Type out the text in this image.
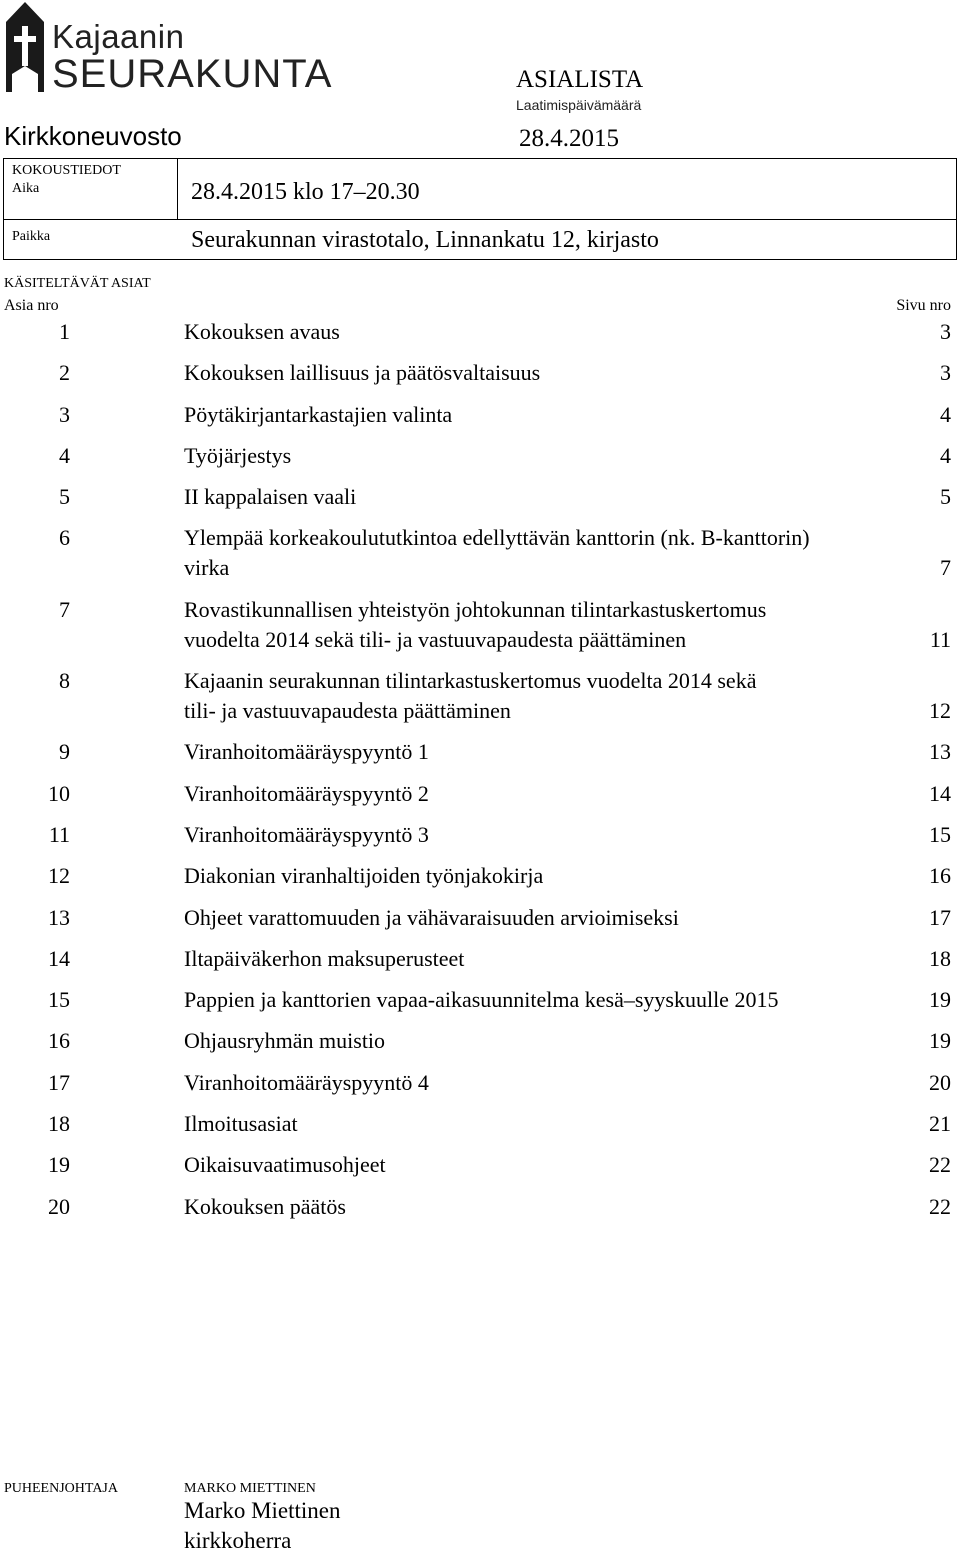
Kajaanin
SEURAKUNTA	ASIALISTA
Laatimispäivämäärä
Kirkkoneuvosto	28.4.2015
KOKOUSTIEDOT
Aika	28.4.2015 klo 17–20.30
Paikka	Seurakunnan virastotalo, Linnankatu 12, kirjasto
KÄSITELTÄVÄT ASIAT
Asia nro	Sivu nro
1	Kokouksen avaus	3
2	Kokouksen laillisuus ja päätösvaltaisuus	3
3	Pöytäkirjantarkastajien valinta	4
4	Työjärjestys	4
5	II kappalaisen vaali	5
6	Ylempää korkeakoulututkintoa edellyttävän kanttorin (nk. B-kanttorin)
virka	7
7	Rovastikunnallisen yhteistyön johtokunnan tilintarkastuskertomus
vuodelta 2014 sekä tili- ja vastuuvapaudesta päättäminen	11
8	Kajaanin seurakunnan tilintarkastuskertomus vuodelta 2014 sekä
tili- ja vastuuvapaudesta päättäminen	12
9	Viranhoitomääräyspyyntö 1	13
10	Viranhoitomääräyspyyntö 2	14
11	Viranhoitomääräyspyyntö 3	15
12	Diakonian viranhaltijoiden työnjakokirja	16
13	Ohjeet varattomuuden ja vähävaraisuuden arvioimiseksi	17
14	Iltapäiväkerhon maksuperusteet	18
15	Pappien ja kanttorien vapaa-aikasuunnitelma kesä–syyskuulle 2015	19
16	Ohjausryhmän muistio	19
17	Viranhoitomääräyspyyntö 4	20
18	Ilmoitusasiat	21
19	Oikaisuvaatimusohjeet	22
20	Kokouksen päätös	22
PUHEENJOHTAJA	MARKO MIETTINEN
Marko Miettinen
kirkkoherra
